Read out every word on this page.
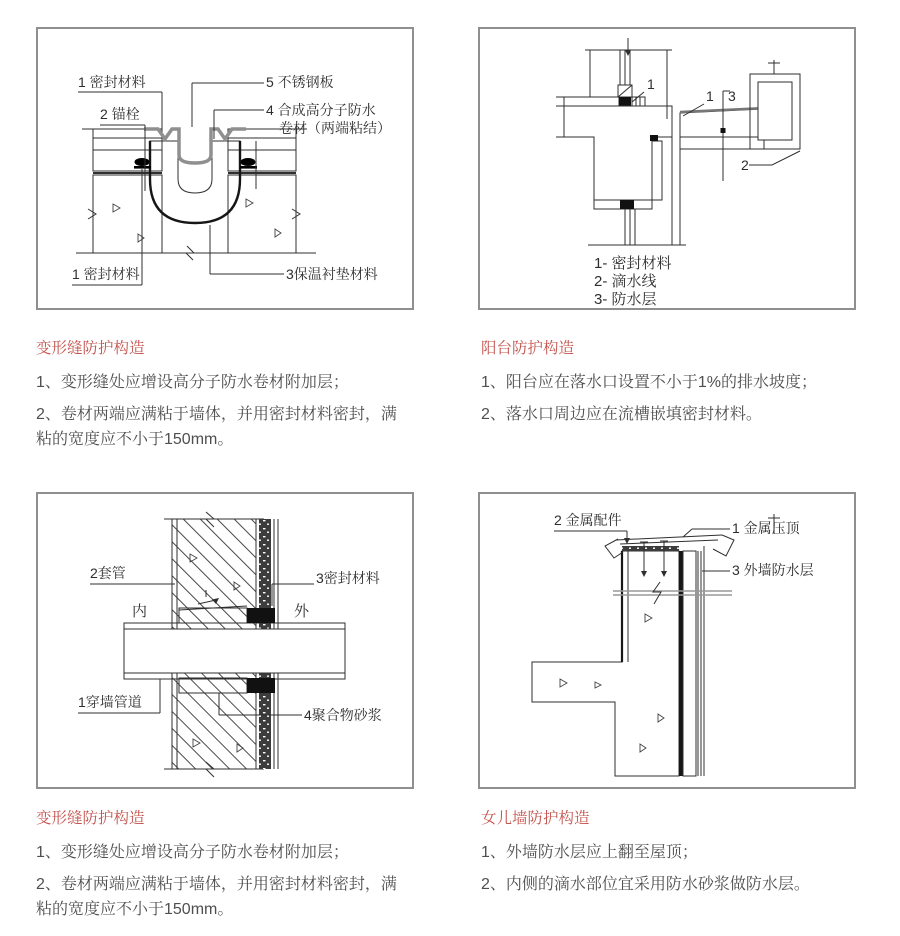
1 密封材料
2 锚栓
5 不锈钢板
4 合成高分子防水
卷材（两端粘结）
1 密封材料	3保温衬垫材料
1
1 3
2
1- 密封材料
2- 滴水线
3- 防水层
2套管	3密封材料
内	外
1穿墙管道
4聚合物砂浆
2 金属配件	1 金属压顶
3 外墙防水层
变形缝防护构造

1、变形缝处应增设高分子防水卷材附加层；

2、卷材两端应满粘于墙体，并用密封材料密封，满粘的宽度应不小于150mm。

阳台防护构造

1、阳台应在落水口设置不小于1%的排水坡度；

2、落水口周边应在流槽嵌填密封材料。

变形缝防护构造

1、变形缝处应增设高分子防水卷材附加层；

2、卷材两端应满粘于墙体，并用密封材料密封，满粘的宽度应不小于150mm。

女儿墙防护构造

1、外墙防水层应上翻至屋顶；

2、内侧的滴水部位宜采用防水砂浆做防水层。
